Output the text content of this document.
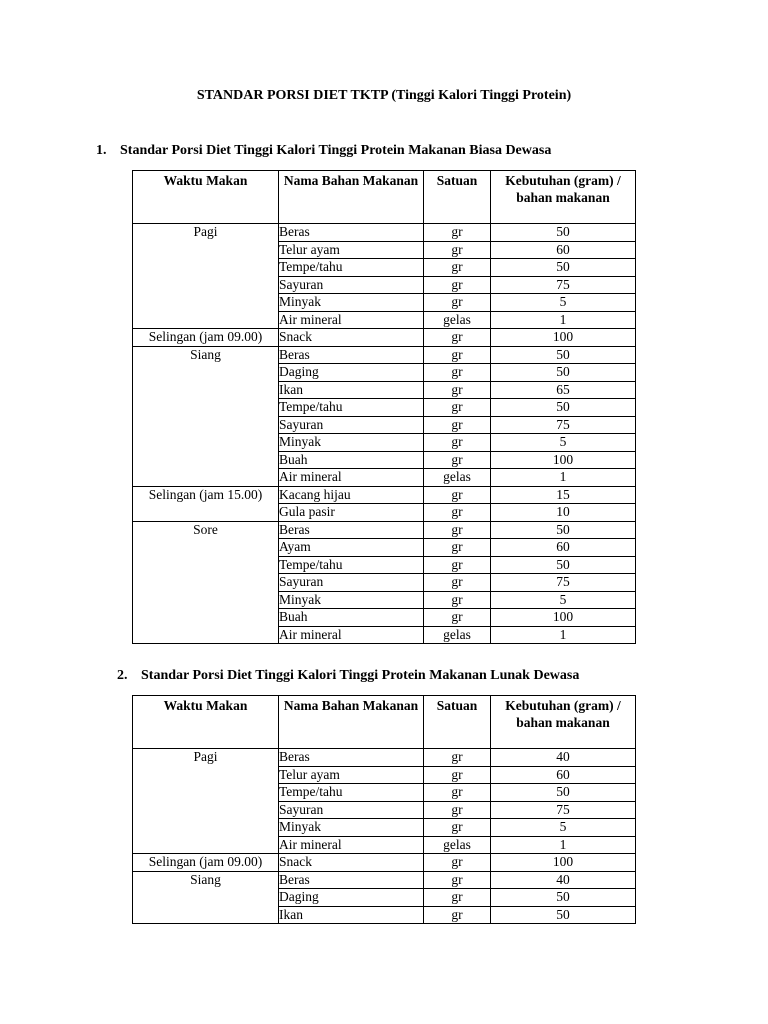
STANDAR PORSI DIET TKTP (Tinggi Kalori Tinggi Protein)
1. Standar Porsi Diet Tinggi Kalori Tinggi Protein Makanan Biasa Dewasa
Waktu Makan	Nama Bahan Makanan	Satuan	Kebutuhan (gram) / bahan makanan
Pagi	Beras	gr	50
	Telur ayam	gr	60
	Tempe/tahu	gr	50
	Sayuran	gr	75
	Minyak	gr	5
	Air mineral	gelas	1
Selingan (jam 09.00)	Snack	gr	100
Siang	Beras	gr	50
	Daging	gr	50
	Ikan	gr	65
	Tempe/tahu	gr	50
	Sayuran	gr	75
	Minyak	gr	5
	Buah	gr	100
	Air mineral	gelas	1
Selingan (jam 15.00)	Kacang hijau	gr	15
	Gula pasir	gr	10
Sore	Beras	gr	50
	Ayam	gr	60
	Tempe/tahu	gr	50
	Sayuran	gr	75
	Minyak	gr	5
	Buah	gr	100
	Air mineral	gelas	1
2. Standar Porsi Diet Tinggi Kalori Tinggi Protein Makanan Lunak Dewasa
Waktu Makan	Nama Bahan Makanan	Satuan	Kebutuhan (gram) / bahan makanan
Pagi	Beras	gr	40
	Telur ayam	gr	60
	Tempe/tahu	gr	50
	Sayuran	gr	75
	Minyak	gr	5
	Air mineral	gelas	1
Selingan (jam 09.00)	Snack	gr	100
Siang	Beras	gr	40
	Daging	gr	50
	Ikan	gr	50
